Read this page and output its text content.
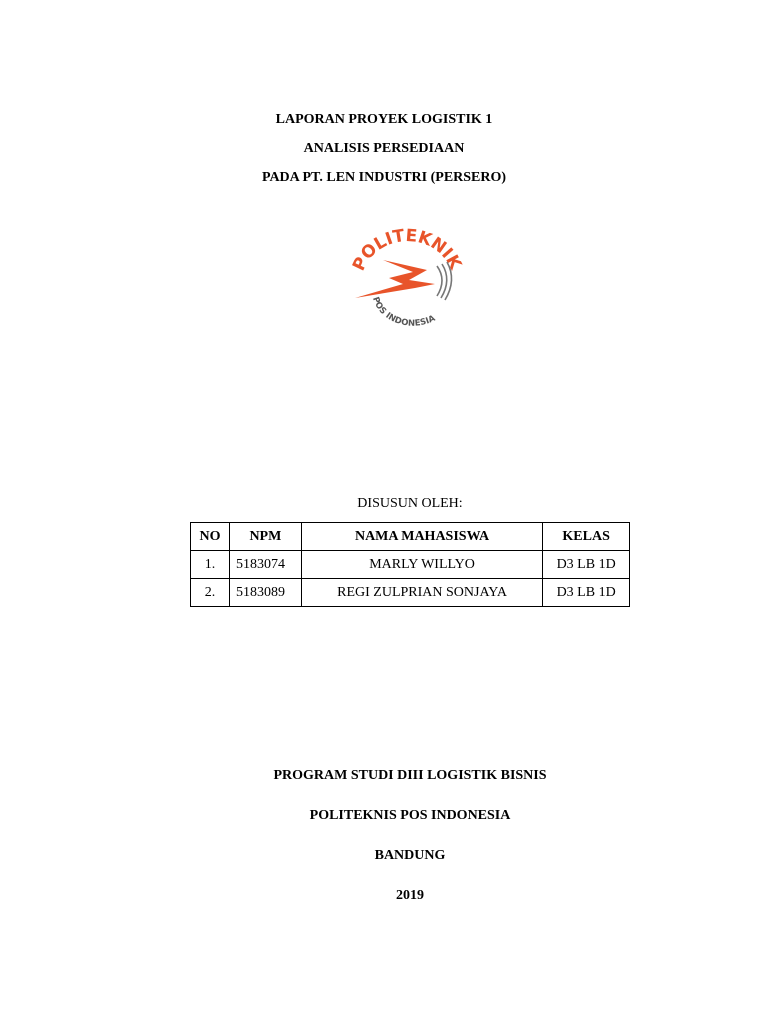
LAPORAN PROYEK LOGISTIK 1
ANALISIS PERSEDIAAN
PADA PT. LEN INDUSTRI (PERSERO)
POLITEKNIK
POS INDONESIA
DISUSUN OLEH:
NO	NPM	NAMA MAHASISWA	KELAS
1.	5183074	MARLY WILLYO	D3 LB 1D
2.	5183089	REGI ZULPRIAN SONJAYA	D3 LB 1D
PROGRAM STUDI DIII LOGISTIK BISNIS
POLITEKNIS POS INDONESIA
BANDUNG
2019
